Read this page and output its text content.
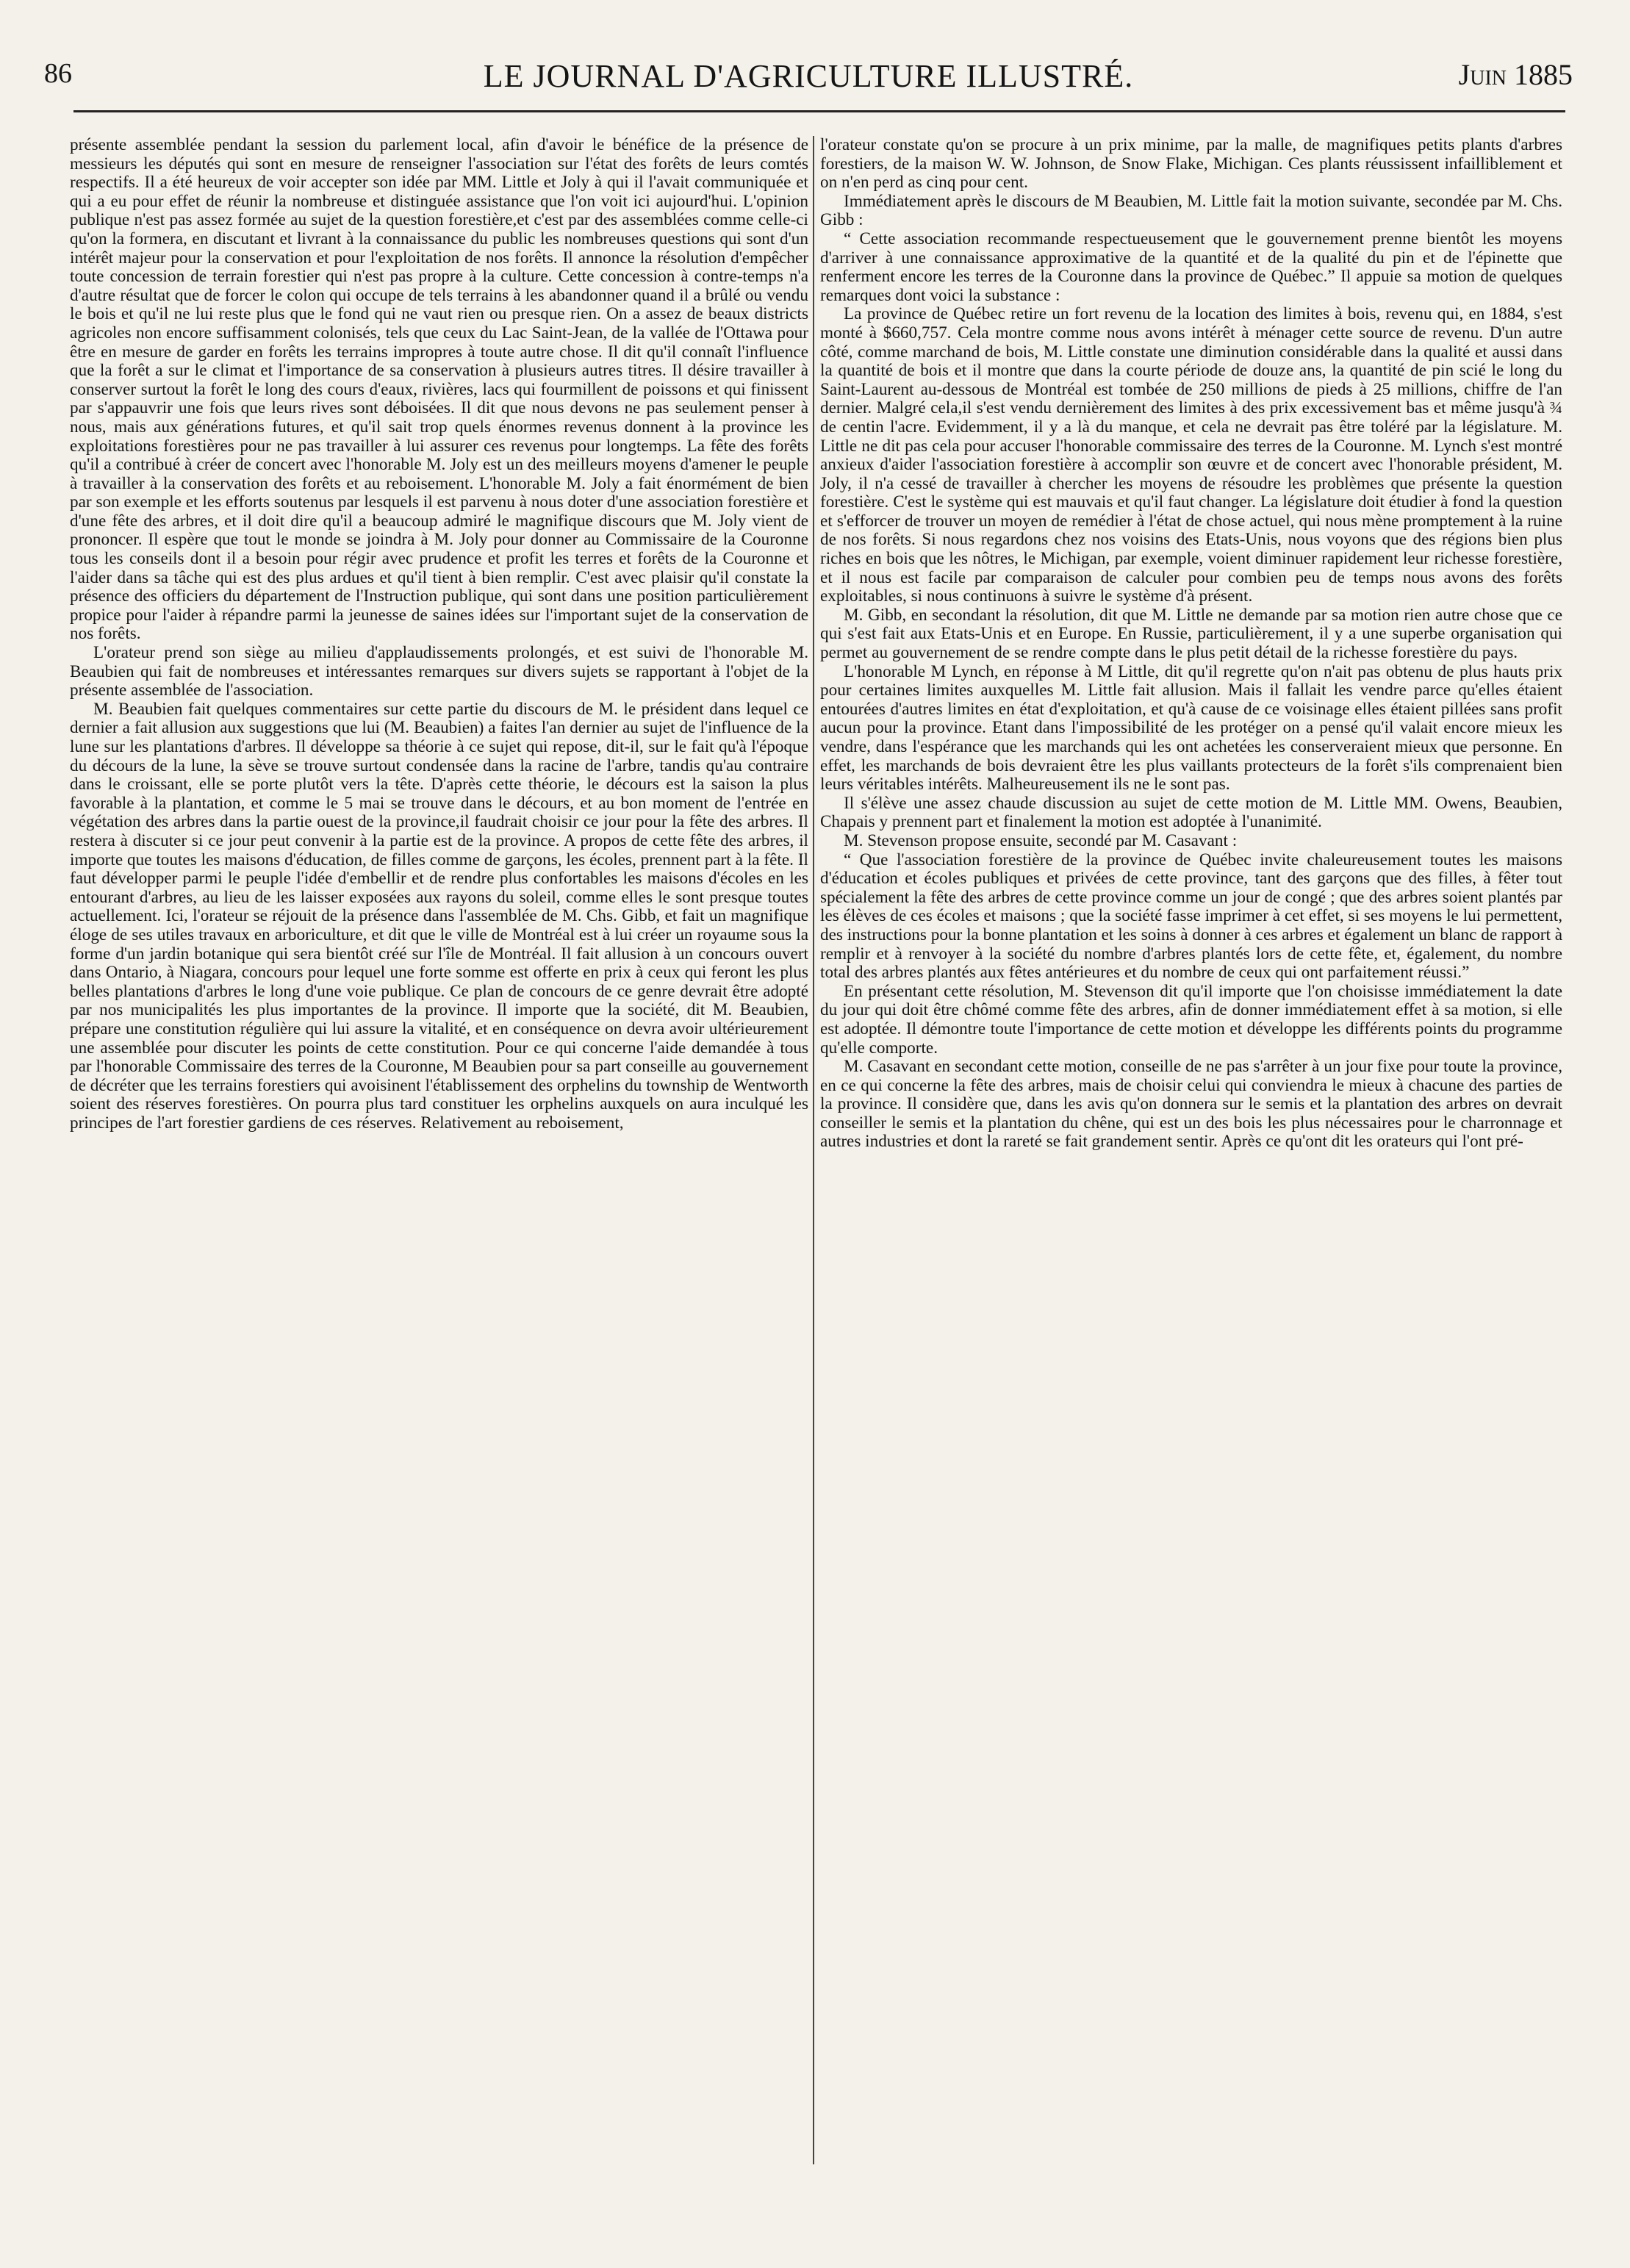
86	LE JOURNAL D'AGRICULTURE ILLUSTRÉ.	Juin 1885

présente assemblée pendant la session du parlement local, afin d'avoir le bénéfice de la présence de messieurs les députés qui sont en mesure de renseigner l'association sur l'état des forêts de leurs comtés respectifs. Il a été heureux de voir accepter son idée par MM. Little et Joly à qui il l'avait communiquée et qui a eu pour effet de réunir la nombreuse et distinguée assistance que l'on voit ici aujourd'hui. L'opinion publique n'est pas assez formée au sujet de la question forestière,et c'est par des assemblées comme celle-ci qu'on la formera, en discutant et livrant à la connaissance du public les nombreuses questions qui sont d'un intérêt majeur pour la conservation et pour l'exploitation de nos forêts. Il annonce la résolution d'empêcher toute concession de terrain forestier qui n'est pas propre à la culture. Cette concession à contre-temps n'a d'autre résultat que de forcer le colon qui occupe de tels terrains à les abandonner quand il a brûlé ou vendu le bois et qu'il ne lui reste plus que le fond qui ne vaut rien ou presque rien. On a assez de beaux districts agricoles non encore suffisamment colonisés, tels que ceux du Lac Saint-Jean, de la vallée de l'Ottawa pour être en mesure de garder en forêts les terrains impropres à toute autre chose. Il dit qu'il connaît l'influence que la forêt a sur le climat et l'importance de sa conservation à plusieurs autres titres. Il désire travailler à conserver surtout la forêt le long des cours d'eaux, rivières, lacs qui fourmillent de poissons et qui finissent par s'appauvrir une fois que leurs rives sont déboisées. Il dit que nous devons ne pas seulement penser à nous, mais aux générations futures, et qu'il sait trop quels énormes revenus donnent à la province les exploitations forestières pour ne pas travailler à lui assurer ces revenus pour longtemps. La fête des forêts qu'il a contribué à créer de concert avec l'honorable M. Joly est un des meilleurs moyens d'amener le peuple à travailler à la conservation des forêts et au reboisement. L'honorable M. Joly a fait énormément de bien par son exemple et les efforts soutenus par lesquels il est parvenu à nous doter d'une association forestière et d'une fête des arbres, et il doit dire qu'il a beaucoup admiré le magnifique discours que M. Joly vient de prononcer. Il espère que tout le monde se joindra à M. Joly pour donner au Commissaire de la Couronne tous les conseils dont il a besoin pour régir avec prudence et profit les terres et forêts de la Couronne et l'aider dans sa tâche qui est des plus ardues et qu'il tient à bien remplir. C'est avec plaisir qu'il constate la présence des officiers du département de l'Instruction publique, qui sont dans une position particulièrement propice pour l'aider à répandre parmi la jeunesse de saines idées sur l'important sujet de la conservation de nos forêts.

L'orateur prend son siège au milieu d'applaudissements prolongés, et est suivi de l'honorable M. Beaubien qui fait de nombreuses et intéressantes remarques sur divers sujets se rapportant à l'objet de la présente assemblée de l'association.

M. Beaubien fait quelques commentaires sur cette partie du discours de M. le président dans lequel ce dernier a fait allusion aux suggestions que lui (M. Beaubien) a faites l'an dernier au sujet de l'influence de la lune sur les plantations d'arbres. Il développe sa théorie à ce sujet qui repose, dit-il, sur le fait qu'à l'époque du décours de la lune, la sève se trouve surtout condensée dans la racine de l'arbre, tandis qu'au contraire dans le croissant, elle se porte plutôt vers la tête. D'après cette théorie, le décours est la saison la plus favorable à la plantation, et comme le 5 mai se trouve dans le décours, et au bon moment de l'entrée en végétation des arbres dans la partie ouest de la province,il faudrait choisir ce jour pour la fête des arbres. Il restera à discuter si ce jour peut convenir à la partie est de la province. A propos de cette fête des arbres, il importe que toutes les maisons d'éducation, de filles comme de garçons, les écoles, prennent part à la fête. Il faut développer parmi le peuple l'idée d'embellir et de rendre plus confortables les maisons d'écoles en les entourant d'arbres, au lieu de les laisser exposées aux rayons du soleil, comme elles le sont presque toutes actuellement. Ici, l'orateur se réjouit de la présence dans l'assemblée de M. Chs. Gibb, et fait un magnifique éloge de ses utiles travaux en arboriculture, et dit que le ville de Montréal est à lui créer un royaume sous la forme d'un jardin botanique qui sera bientôt créé sur l'île de Montréal. Il fait allusion à un concours ouvert dans Ontario, à Niagara, concours pour lequel une forte somme est offerte en prix à ceux qui feront les plus belles plantations d'arbres le long d'une voie publique. Ce plan de concours de ce genre devrait être adopté par nos municipalités les plus importantes de la province. Il importe que la société, dit M. Beaubien, prépare une constitution régulière qui lui assure la vitalité, et en conséquence on devra avoir ultérieurement une assemblée pour discuter les points de cette constitution. Pour ce qui concerne l'aide demandée à tous par l'honorable Commissaire des terres de la Couronne, M Beaubien pour sa part conseille au gouvernement de décréter que les terrains forestiers qui avoisinent l'établissement des orphelins du township de Wentworth soient des réserves forestières. On pourra plus tard constituer les orphelins auxquels on aura inculqué les principes de l'art forestier gardiens de ces réserves. Relativement au reboisement,

l'orateur constate qu'on se procure à un prix minime, par la malle, de magnifiques petits plants d'arbres forestiers, de la maison W. W. Johnson, de Snow Flake, Michigan. Ces plants réussissent infailliblement et on n'en perd as cinq pour cent.

Immédiatement après le discours de M Beaubien, M. Little fait la motion suivante, secondée par M. Chs. Gibb :

“ Cette association recommande respectueusement que le gouvernement prenne bientôt les moyens d'arriver à une connaissance approximative de la quantité et de la qualité du pin et de l'épinette que renferment encore les terres de la Couronne dans la province de Québec.” Il appuie sa motion de quelques remarques dont voici la substance :

La province de Québec retire un fort revenu de la location des limites à bois, revenu qui, en 1884, s'est monté à $660,757. Cela montre comme nous avons intérêt à ménager cette source de revenu. D'un autre côté, comme marchand de bois, M. Little constate une diminution considérable dans la qualité et aussi dans la quantité de bois et il montre que dans la courte période de douze ans, la quantité de pin scié le long du Saint-Laurent au-dessous de Montréal est tombée de 250 millions de pieds à 25 millions, chiffre de l'an dernier. Malgré cela,il s'est vendu dernièrement des limites à des prix excessivement bas et même jusqu'à ¾ de centin l'acre. Evidemment, il y a là du manque, et cela ne devrait pas être toléré par la législature. M. Little ne dit pas cela pour accuser l'honorable commissaire des terres de la Couronne. M. Lynch s'est montré anxieux d'aider l'association forestière à accomplir son œuvre et de concert avec l'honorable président, M. Joly, il n'a cessé de travailler à chercher les moyens de résoudre les problèmes que présente la question forestière. C'est le système qui est mauvais et qu'il faut changer. La législature doit étudier à fond la question et s'efforcer de trouver un moyen de remédier à l'état de chose actuel, qui nous mène promptement à la ruine de nos forêts. Si nous regardons chez nos voisins des Etats-Unis, nous voyons que des régions bien plus riches en bois que les nôtres, le Michigan, par exemple, voient diminuer rapidement leur richesse forestière, et il nous est facile par comparaison de calculer pour combien peu de temps nous avons des forêts exploitables, si nous continuons à suivre le système d'à présent.

M. Gibb, en secondant la résolution, dit que M. Little ne demande par sa motion rien autre chose que ce qui s'est fait aux Etats-Unis et en Europe. En Russie, particulièrement, il y a une superbe organisation qui permet au gouvernement de se rendre compte dans le plus petit détail de la richesse forestière du pays.

L'honorable M Lynch, en réponse à M Little, dit qu'il regrette qu'on n'ait pas obtenu de plus hauts prix pour certaines limites auxquelles M. Little fait allusion. Mais il fallait les vendre parce qu'elles étaient entourées d'autres limites en état d'exploitation, et qu'à cause de ce voisinage elles étaient pillées sans profit aucun pour la province. Etant dans l'impossibilité de les protéger on a pensé qu'il valait encore mieux les vendre, dans l'espérance que les marchands qui les ont achetées les conserveraient mieux que personne. En effet, les marchands de bois devraient être les plus vaillants protecteurs de la forêt s'ils comprenaient bien leurs véritables intérêts. Malheureusement ils ne le sont pas.

Il s'élève une assez chaude discussion au sujet de cette motion de M. Little MM. Owens, Beaubien, Chapais y prennent part et finalement la motion est adoptée à l'unanimité.

M. Stevenson propose ensuite, secondé par M. Casavant :

“ Que l'association forestière de la province de Québec invite chaleureusement toutes les maisons d'éducation et écoles publiques et privées de cette province, tant des garçons que des filles, à fêter tout spécialement la fête des arbres de cette province comme un jour de congé ; que des arbres soient plantés par les élèves de ces écoles et maisons ; que la société fasse imprimer à cet effet, si ses moyens le lui permettent, des instructions pour la bonne plantation et les soins à donner à ces arbres et également un blanc de rapport à remplir et à renvoyer à la société du nombre d'arbres plantés lors de cette fête, et, également, du nombre total des arbres plantés aux fêtes antérieures et du nombre de ceux qui ont parfaitement réussi.”

En présentant cette résolution, M. Stevenson dit qu'il importe que l'on choisisse immédiatement la date du jour qui doit être chômé comme fête des arbres, afin de donner immédiatement effet à sa motion, si elle est adoptée. Il démontre toute l'importance de cette motion et développe les différents points du programme qu'elle comporte.

M. Casavant en secondant cette motion, conseille de ne pas s'arrêter à un jour fixe pour toute la province, en ce qui concerne la fête des arbres, mais de choisir celui qui conviendra le mieux à chacune des parties de la province. Il considère que, dans les avis qu'on donnera sur le semis et la plantation des arbres on devrait conseiller le semis et la plantation du chêne, qui est un des bois les plus nécessaires pour le charronnage et autres industries et dont la rareté se fait grandement sentir. Après ce qu'ont dit les orateurs qui l'ont pré-
